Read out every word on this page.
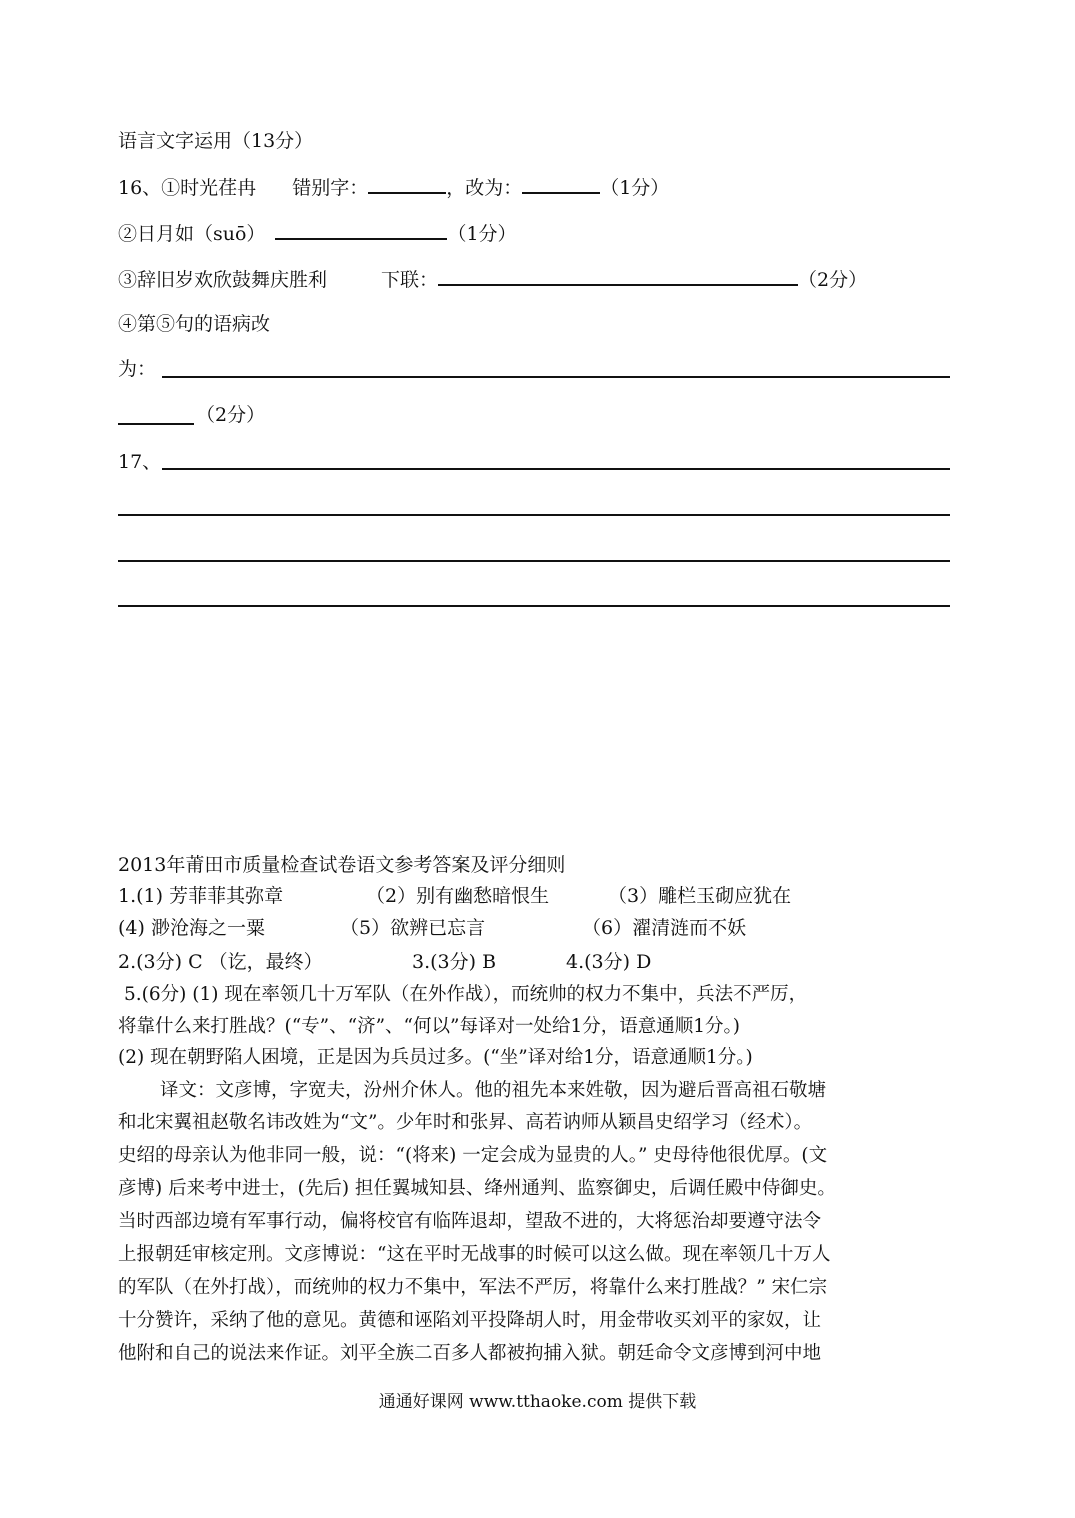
语言文字运用（13分）
16、①时光荏冉 错别字：	，改为：	（1分）
②日月如（suō）	（1分）
③辞旧岁欢欣鼓舞庆胜利	下联：	（2分）
④第⑤句的语病改
为：
（2分）
17、
2013年莆田市质量检查试卷语文参考答案及评分细则
1.(1) 芳菲菲其弥章	（2）别有幽愁暗恨生	（3）雕栏玉砌应犹在
(4) 渺沧海之一粟	（5）欲辨已忘言	（6）濯清涟而不妖
2.(3分) C （讫，最终）	3.(3分) B	4.(3分) D
5.(6分) (1) 现在率领几十万军队（在外作战），而统帅的权力不集中，兵法不严厉，
将靠什么来打胜战？(“专”、“济”、“何以”每译对一处给1分，语意通顺1分。)
(2) 现在朝野陷人困境，正是因为兵员过多。(“坐”译对给1分，语意通顺1分。)
译文：文彦博，字宽夫，汾州介休人。他的祖先本来姓敬，因为避后晋高祖石敬塘
和北宋翼祖赵敬名讳改姓为“文”。少年时和张昇、高若讷师从颖昌史绍学习（经术）。
史绍的母亲认为他非同一般，说：“(将来) 一定会成为显贵的人。” 史母待他很优厚。(文
彦博) 后来考中进士，(先后) 担任翼城知县、绛州通判、监察御史，后调任殿中侍御史。
当时西部边境有军事行动，偏将校官有临阵退却，望敌不进的，大将惩治却要遵守法令
上报朝廷审核定刑。文彦博说：“这在平时无战事的时候可以这么做。现在率领几十万人
的军队（在外打战），而统帅的权力不集中，军法不严厉，将靠什么来打胜战？” 宋仁宗
十分赞许，采纳了他的意见。黄德和诬陷刘平投降胡人时，用金带收买刘平的家奴，让
他附和自己的说法来作证。刘平全族二百多人都被拘捕入狱。朝廷命令文彦博到河中地
通通好课网 www.tthaoke.com 提供下载
